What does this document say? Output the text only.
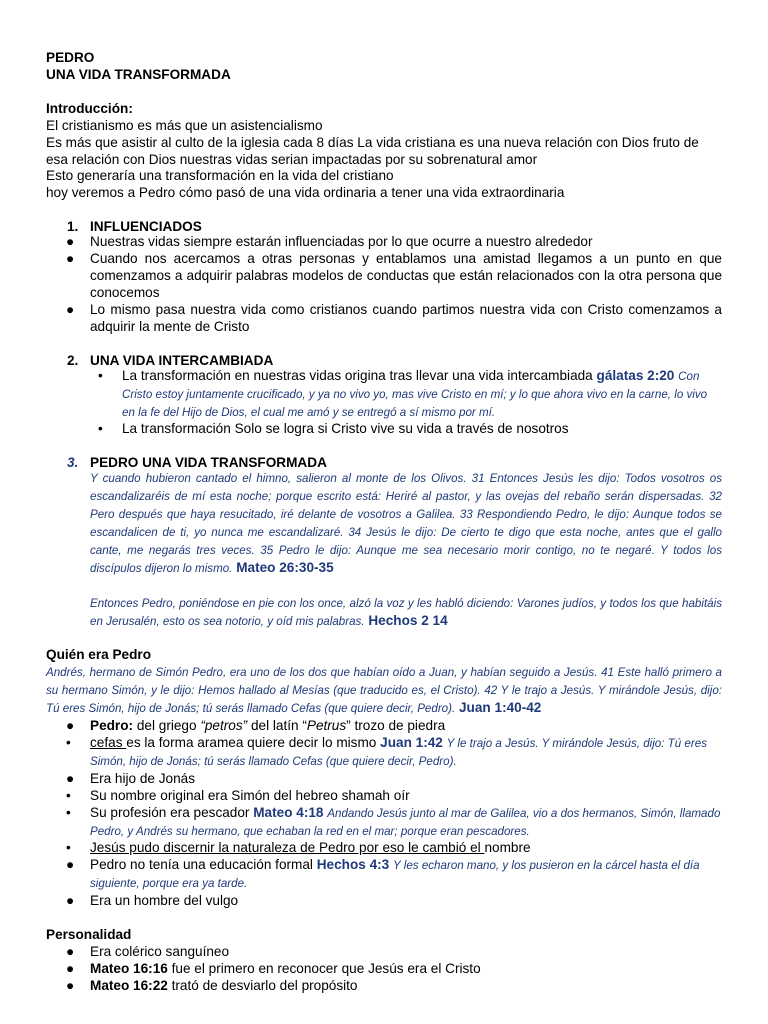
PEDRO

UNA VIDA TRANSFORMADA

Introducción:

El cristianismo es más que un asistencialismo

Es más que asistir al culto de la iglesia cada 8 días La vida cristiana es una nueva relación con Dios fruto de esa relación con Dios nuestras vidas serian impactadas por su sobrenatural amor

Esto generaría una transformación en la vida del cristiano

hoy veremos a Pedro cómo pasó de una vida ordinaria a tener una vida extraordinaria

1. INFLUENCIADOS
● Nuestras vidas siempre estarán influenciadas por lo que ocurre a nuestro alrededor
● Cuando nos acercamos a otras personas y entablamos una amistad llegamos a un punto en que comenzamos a adquirir palabras modelos de conductas que están relacionados con la otra persona que conocemos
● Lo mismo pasa nuestra vida como cristianos cuando partimos nuestra vida con Cristo comenzamos a adquirir la mente de Cristo
2. UNA VIDA INTERCAMBIADA
• La transformación en nuestras vidas origina tras llevar una vida intercambiada gálatas 2:20 Con Cristo estoy juntamente crucificado, y ya no vivo yo, mas vive Cristo en mí; y lo que ahora vivo en la carne, lo vivo en la fe del Hijo de Dios, el cual me amó y se entregó a sí mismo por mí.
• La transformación Solo se logra si Cristo vive su vida a través de nosotros
3. PEDRO UNA VIDA TRANSFORMADA

Y cuando hubieron cantado el himno, salieron al monte de los Olivos. 31 Entonces Jesús les dijo: Todos vosotros os escandalizaréis de mí esta noche; porque escrito está: Heriré al pastor, y las ovejas del rebaño serán dispersadas. 32 Pero después que haya resucitado, iré delante de vosotros a Galilea. 33 Respondiendo Pedro, le dijo: Aunque todos se escandalicen de ti, yo nunca me escandalizaré. 34 Jesús le dijo: De cierto te digo que esta noche, antes que el gallo cante, me negarás tres veces. 35 Pedro le dijo: Aunque me sea necesario morir contigo, no te negaré. Y todos los discípulos dijeron lo mismo. Mateo 26:30-35

Entonces Pedro, poniéndose en pie con los once, alzó la voz y les habló diciendo: Varones judíos, y todos los que habitáis en Jerusalén, esto os sea notorio, y oíd mis palabras. Hechos 2 14

Quién era Pedro

Andrés, hermano de Simón Pedro, era uno de los dos que habían oído a Juan, y habían seguido a Jesús. 41 Este halló primero a su hermano Simón, y le dijo: Hemos hallado al Mesías (que traducido es, el Cristo). 42 Y le trajo a Jesús. Y mirándole Jesús, dijo: Tú eres Simón, hijo de Jonás; tú serás llamado Cefas (que quiere decir, Pedro). Juan 1:40-42

● Pedro: del griego “petros” del latín “Petrus” trozo de piedra
• cefas es la forma aramea quiere decir lo mismo Juan 1:42 Y le trajo a Jesús. Y mirándole Jesús, dijo: Tú eres Simón, hijo de Jonás; tú serás llamado Cefas (que quiere decir, Pedro).
● Era hijo de Jonás
• Su nombre original era Simón del hebreo shamah oír
• Su profesión era pescador Mateo 4:18 Andando Jesús junto al mar de Galilea, vio a dos hermanos, Simón, llamado Pedro, y Andrés su hermano, que echaban la red en el mar; porque eran pescadores.
• Jesús pudo discernir la naturaleza de Pedro por eso le cambió el nombre
● Pedro no tenía una educación formal Hechos 4:3 Y les echaron mano, y los pusieron en la cárcel hasta el día siguiente, porque era ya tarde.
● Era un hombre del vulgo

Personalidad

● Era colérico sanguíneo
● Mateo 16:16 fue el primero en reconocer que Jesús era el Cristo
● Mateo 16:22 trató de desviarlo del propósito
